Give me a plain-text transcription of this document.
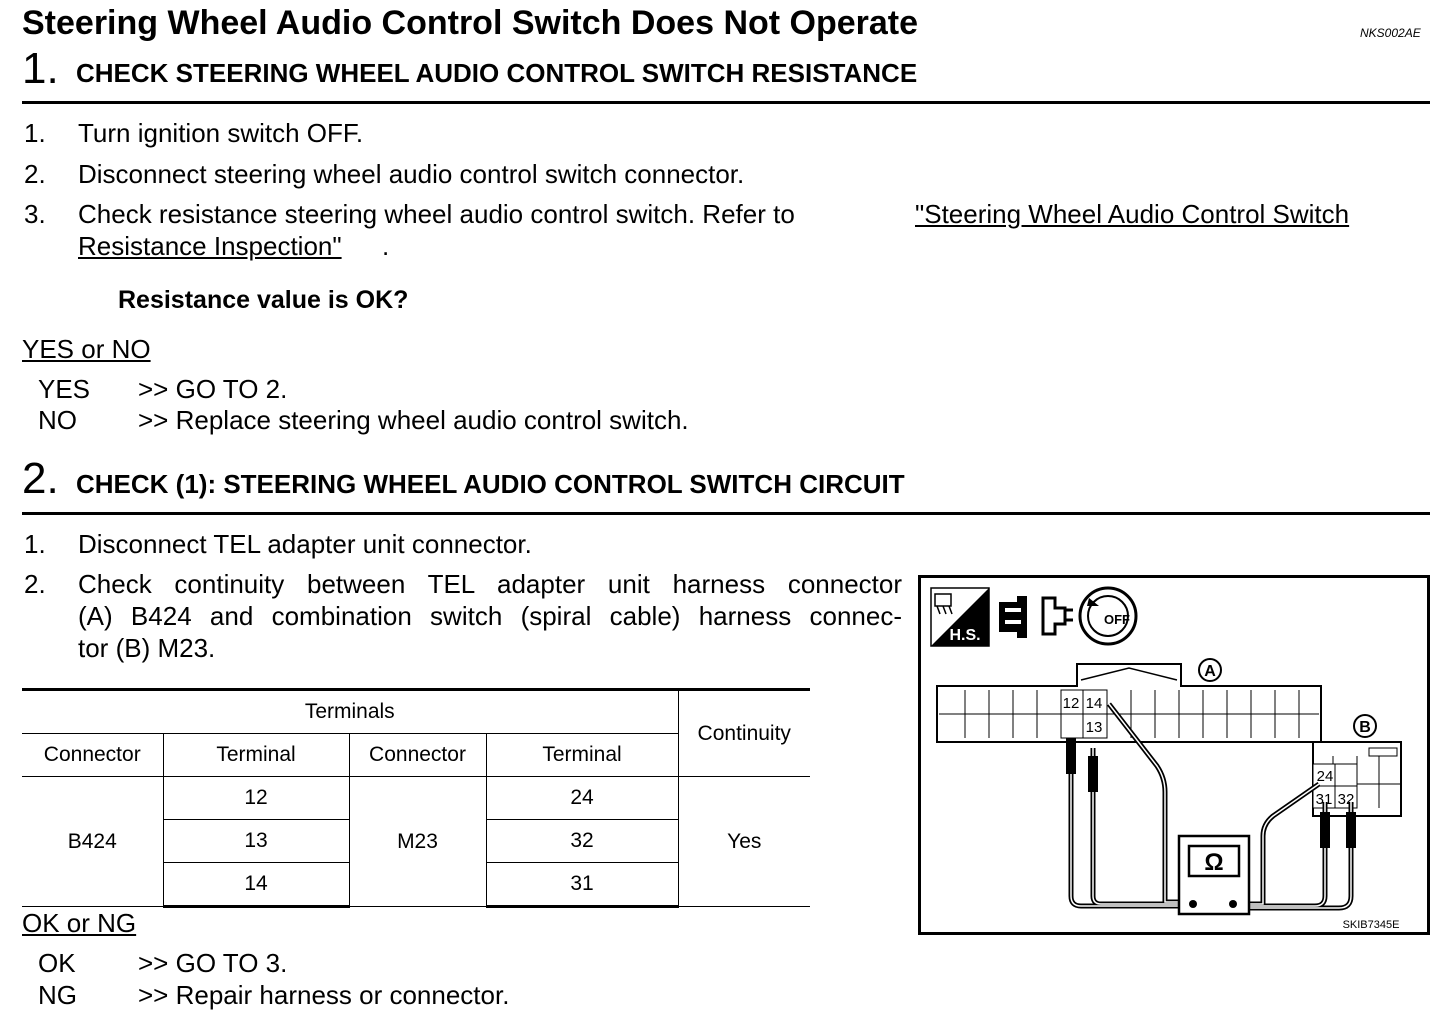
Steering Wheel Audio Control Switch Does Not Operate	NKS002AE
1. CHECK STEERING WHEEL AUDIO CONTROL SWITCH RESISTANCE
1. Turn ignition switch OFF.
2. Disconnect steering wheel audio control switch connector.
3. Check resistance steering wheel audio control switch. Refer to	"Steering Wheel Audio Control Switch
Resistance Inspection" .
Resistance value is OK?
YES or NO
YES >> GO TO 2.
NO >> Replace steering wheel audio control switch.
2. CHECK (1): STEERING WHEEL AUDIO CONTROL SWITCH CIRCUIT
1. Disconnect TEL adapter unit connector.
2. Check continuity between TEL adapter unit harness connector
(A) B424 and combination switch (spiral cable) harness connec-
tor (B) M23.
Terminals				Continuity
Connector	Terminal	Connector	Terminal	
B424	12	M23	24	Yes
	13		32	
	14		31	
OK or NG
OK >> GO TO 3.
NG >> Repair harness or connector.
H.S.
OFF
12 14
13
A
24
31 32
B
Ω
SKIB7345E
